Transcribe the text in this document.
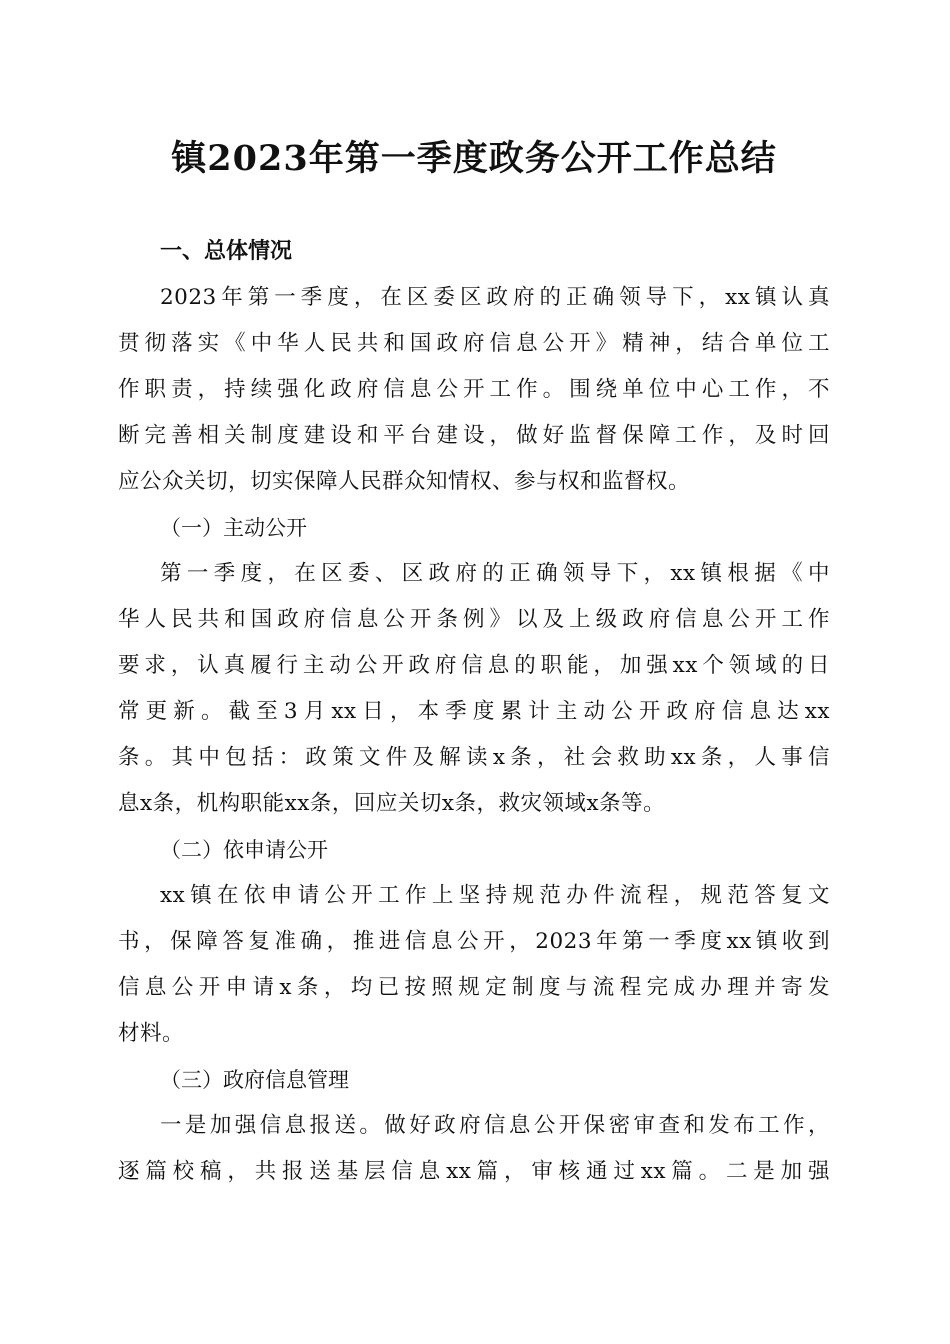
镇2023年第一季度政务公开工作总结
一、总体情况
2023年第一季度，在区委区政府的正确领导下，xx镇认真
贯彻落实《中华人民共和国政府信息公开》精神，结合单位工
作职责，持续强化政府信息公开工作。围绕单位中心工作，不
断完善相关制度建设和平台建设，做好监督保障工作，及时回
应公众关切，切实保障人民群众知情权、参与权和监督权。
（一）主动公开
第一季度，在区委、区政府的正确领导下，xx镇根据《中
华人民共和国政府信息公开条例》以及上级政府信息公开工作
要求，认真履行主动公开政府信息的职能，加强xx个领域的日
常更新。截至3月xx日，本季度累计主动公开政府信息达xx
条。其中包括：政策文件及解读x条，社会救助xx条，人事信
息x条，机构职能xx条，回应关切x条，救灾领域x条等。
（二）依申请公开
xx镇在依申请公开工作上坚持规范办件流程，规范答复文
书，保障答复准确，推进信息公开，2023年第一季度xx镇收到
信息公开申请x条，均已按照规定制度与流程完成办理并寄发
材料。
（三）政府信息管理
一是加强信息报送。做好政府信息公开保密审查和发布工作，
逐篇校稿，共报送基层信息xx篇，审核通过xx篇。二是加强
